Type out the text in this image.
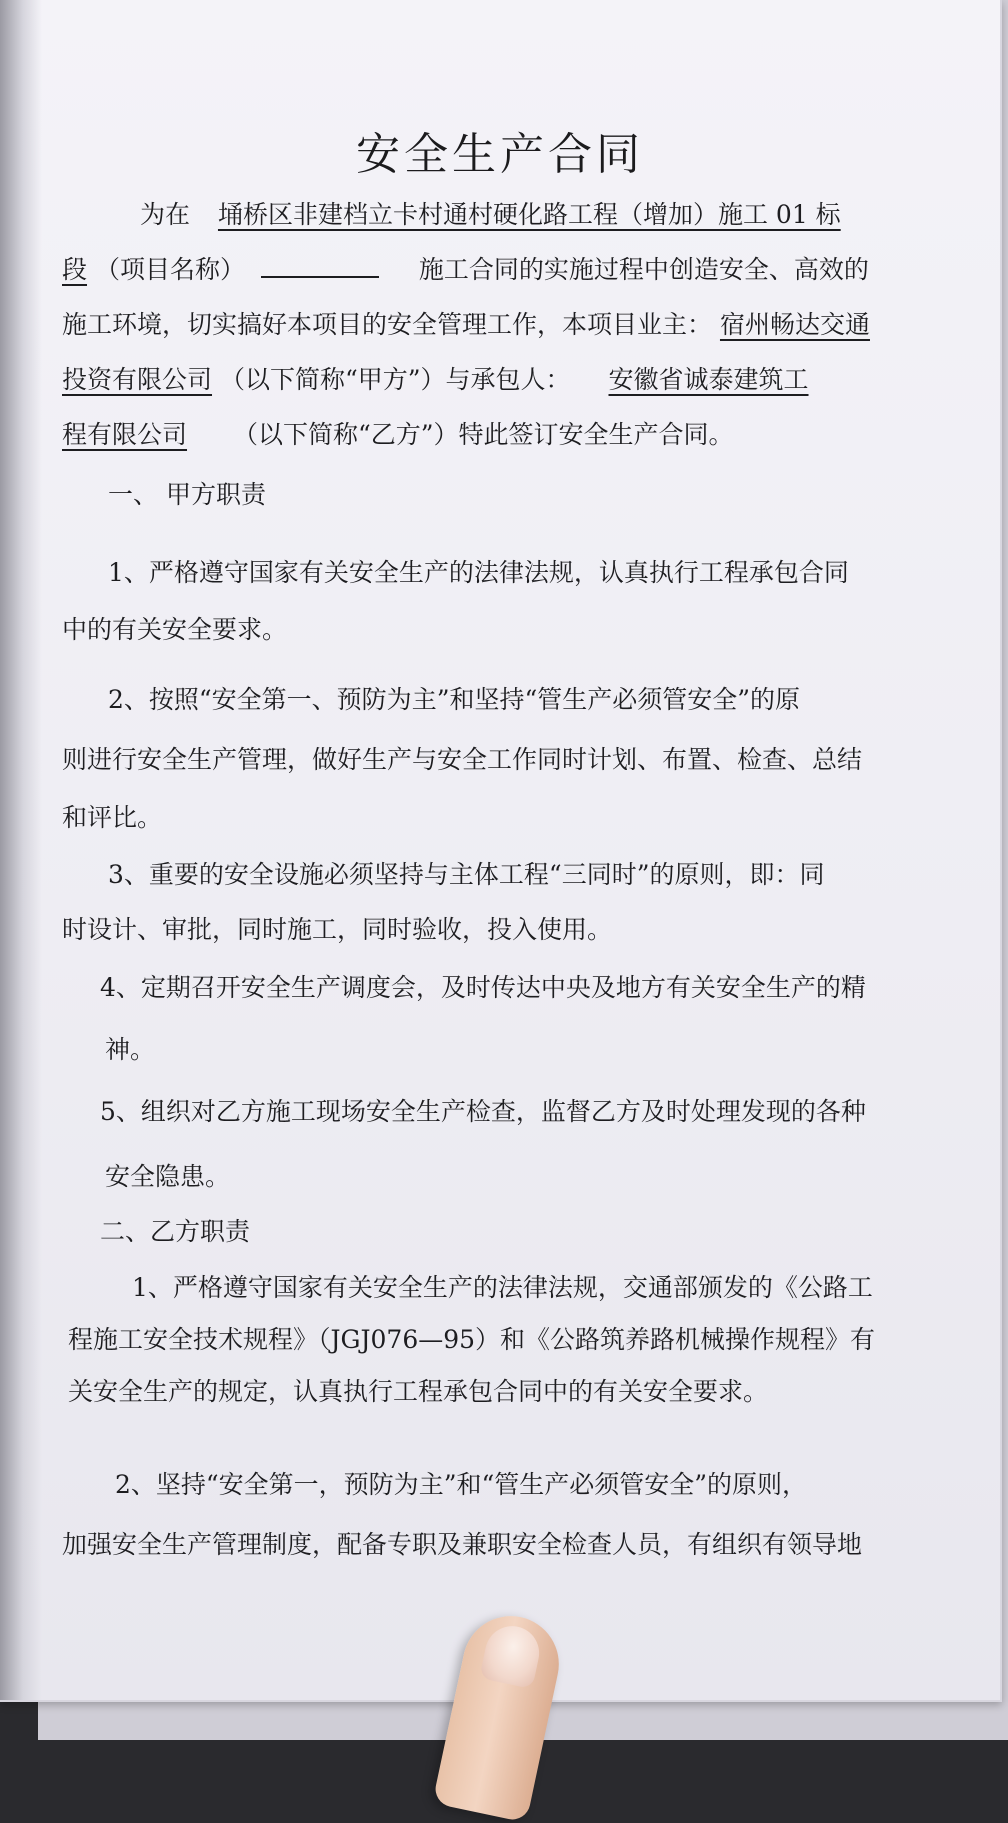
安全生产合同
为在 埇桥区非建档立卡村通村硬化路工程（增加）施工 01 标
段 （项目名称）	施工合同的实施过程中创造安全、高效的
施工环境，切实搞好本项目的安全管理工作，本项目业主： 宿州畅达交通
投资有限公司 （以下简称“甲方”）与承包人： 安徽省诚泰建筑工
程有限公司 （以下简称“乙方”）特此签订安全生产合同。
一、 甲方职责
1、严格遵守国家有关安全生产的法律法规，认真执行工程承包合同
中的有关安全要求。
2、按照“安全第一、预防为主”和坚持“管生产必须管安全”的原
则进行安全生产管理，做好生产与安全工作同时计划、布置、检查、总结
和评比。
3、重要的安全设施必须坚持与主体工程“三同时”的原则，即：同
时设计、审批，同时施工，同时验收，投入使用。
4、定期召开安全生产调度会，及时传达中央及地方有关安全生产的精
神。
5、组织对乙方施工现场安全生产检查，监督乙方及时处理发现的各种
安全隐患。
二、乙方职责
1、严格遵守国家有关安全生产的法律法规，交通部颁发的《公路工
程施工安全技术规程》（JGJ076—95）和《公路筑养路机械操作规程》有
关安全生产的规定，认真执行工程承包合同中的有关安全要求。
2、坚持“安全第一，预防为主”和“管生产必须管安全”的原则，
加强安全生产管理制度，配备专职及兼职安全检查人员，有组织有领导地
